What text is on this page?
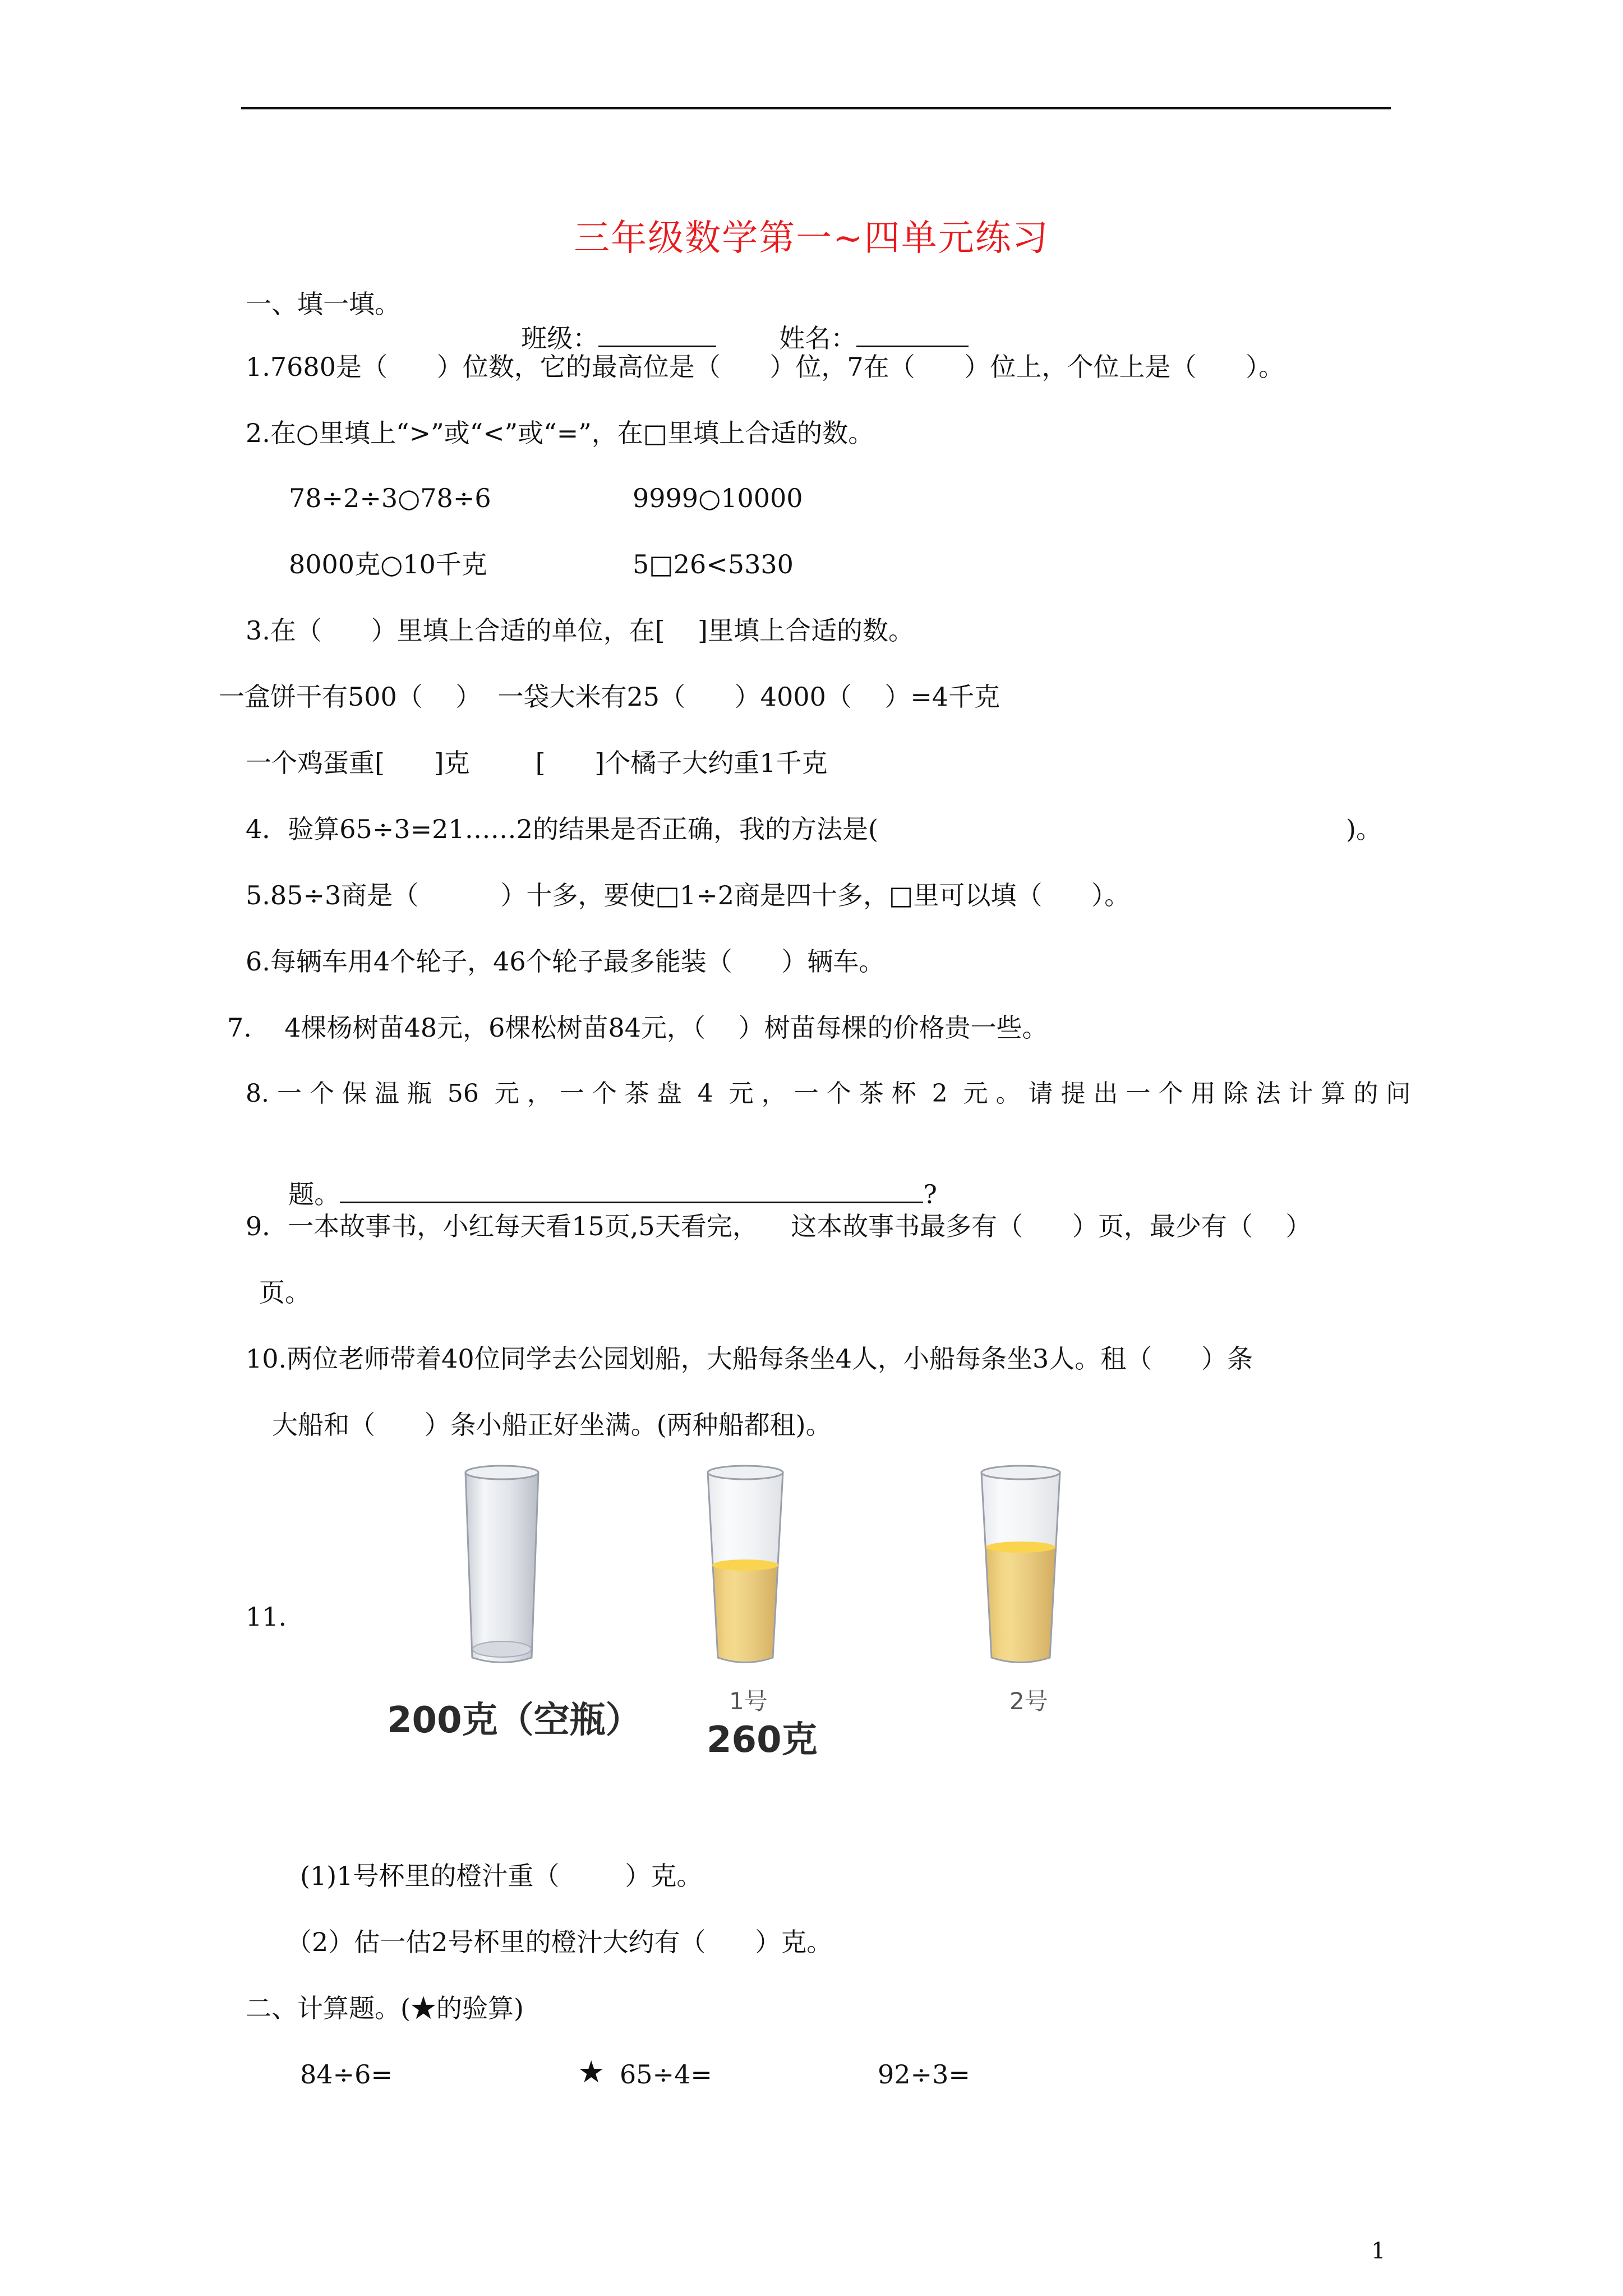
三年级数学第一~四单元练习
一、填一填。

班级：	姓名：

1.7680是（      ）位数，它的最高位是（      ）位，7在（      ）位上，个位上是（      ）。
2.在○里填上“>”或“<”或“=”，在□里填上合适的数。
78÷2÷3○78÷6	9999○10000
8000克○10千克	5□26<5330
3.在（      ）里填上合适的单位，在[    ]里填上合适的数。
一盒饼干有500（    ）  一袋大米有25（      ）4000（    ）=4千克
一个鸡蛋重[      ]克        [      ]个橘子大约重1千克
4．验算65÷3=21……2的结果是否正确，我的方法是(	)。
5.85÷3商是（          ）十多，要使□1÷2商是四十多，□里可以填（      ）。
6.每辆车用4个轮子，46个轮子最多能装（      ）辆车。
7.    4棵杨树苗48元，6棵松树苗84元，（    ）树苗每棵的价格贵一些。
8. 一 个 保 温 瓶  56  元 ， 一 个 茶 盘  4  元 ， 一 个 茶 杯  2  元 。 请 提 出 一 个 用 除 法 计 算 的 问

题。	?

9．一本故事书，小红每天看15页,5天看完，    这本故事书最多有（      ）页，最少有（    ）
页。
10.两位老师带着40位同学去公园划船，大船每条坐4人，小船每条坐3人。租（      ）条
大船和（      ）条小船正好坐满。(两种船都租)。
11.
200克（空瓶）	1号
260克
2号
(1)1号杯里的橙汁重（        ）克。
（2）估一估2号杯里的橙汁大约有（      ）克。
二、计算题。(★的验算)
84÷6=	★ 65÷4=	92÷3=
1
